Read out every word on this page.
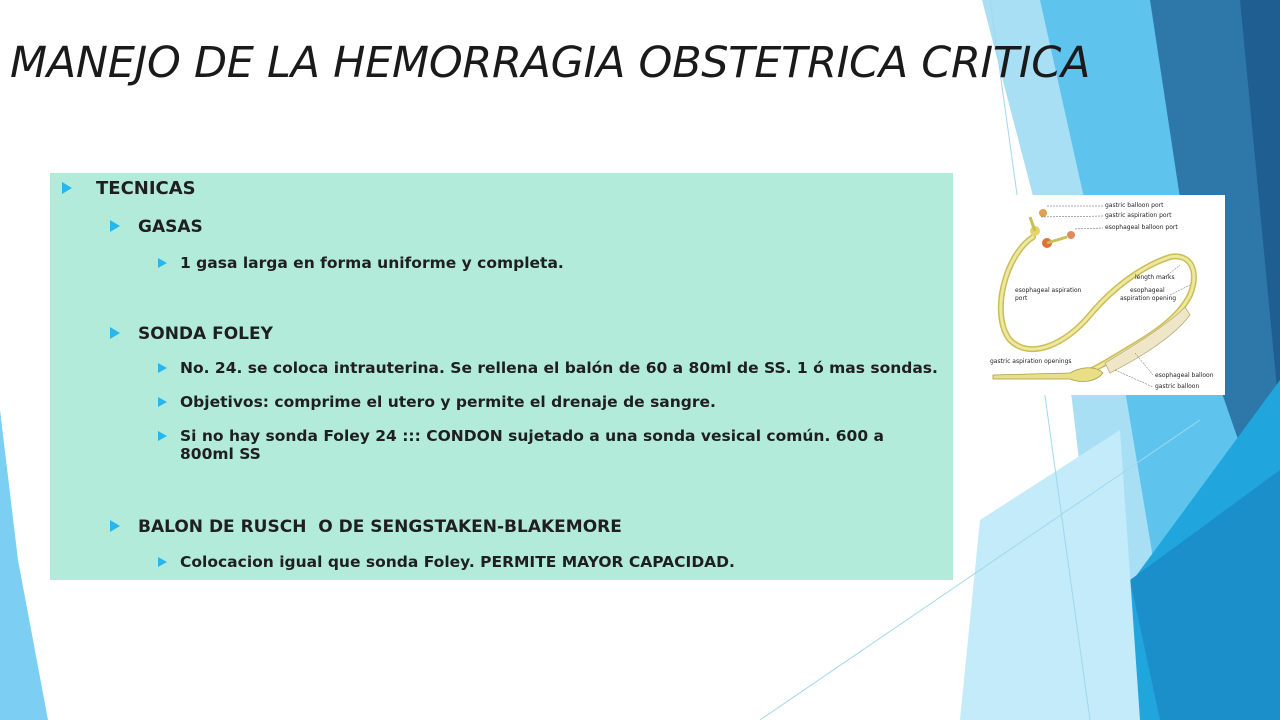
MANEJO DE LA HEMORRAGIA OBSTETRICA CRITICA
TECNICAS
GASAS
1 gasa larga en forma uniforme y completa.
SONDA FOLEY
No. 24. se coloca intrauterina. Se rellena el balón de 60 a 80ml de SS. 1 ó mas sondas.
Objetivos: comprime el utero y permite el drenaje de sangre.
Si no hay sonda Foley 24 ::: CONDON sujetado a una sonda vesical común. 600 a 800ml SS
BALON DE RUSCH  O DE SENGSTAKEN-BLAKEMORE
Colocacion igual que sonda Foley. PERMITE MAYOR CAPACIDAD.
gastric balloon port
gastric aspiration port
esophageal balloon port
length marks
esophageal aspiration
port
esophageal
aspiration opening
gastric aspiration openings
esophageal balloon
gastric balloon
